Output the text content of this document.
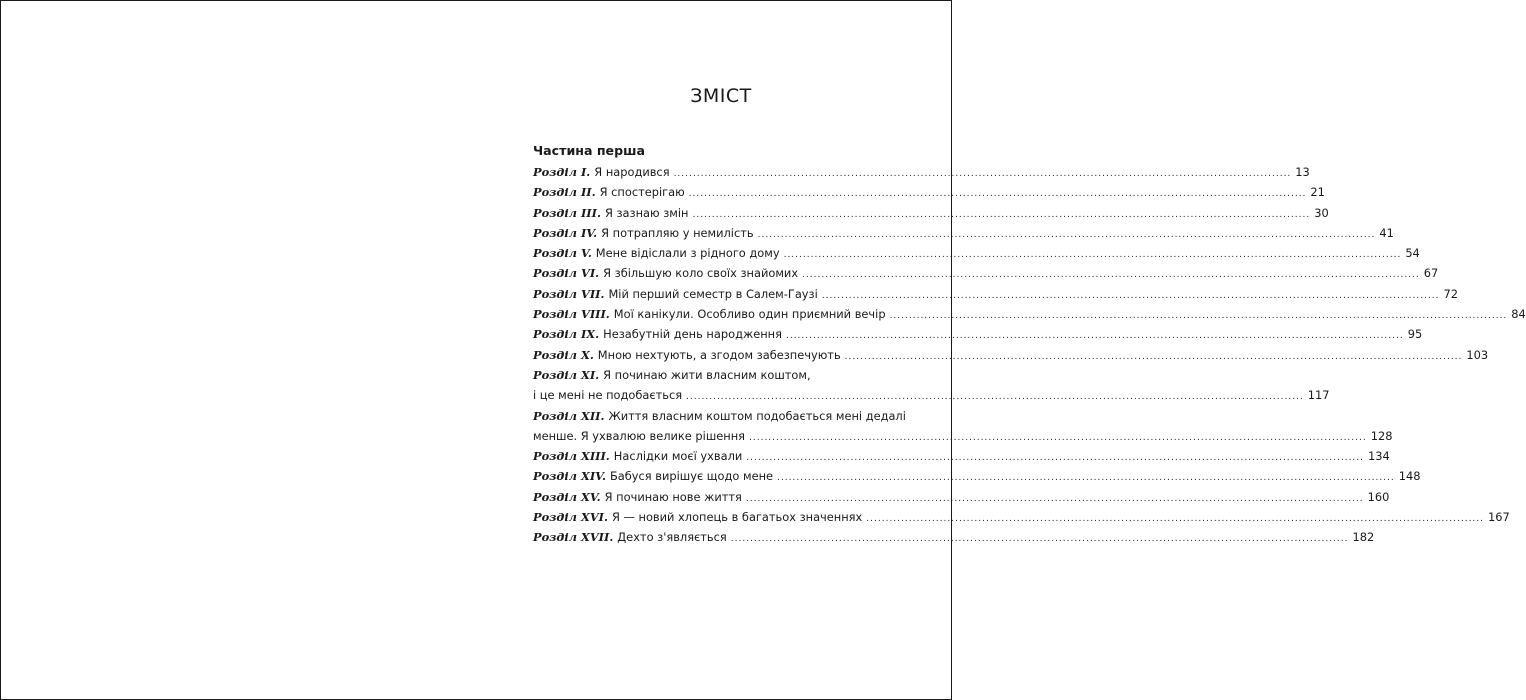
ЗМІСТ
Частина перша
Розділ I. Я народився .....	13
Розділ II. Я спостерігаю .....	21
Розділ III. Я зазнаю змін .....	30
Розділ IV. Я потрапляю у немилість .....	41
Розділ V. Мене відіслали з рідного дому .....	54
Розділ VI. Я збільшую коло своїх знайомих .....	67
Розділ VII. Мій перший семестр в Салем-Гаузі .....	72
Розділ VIII. Мої канікули. Особливо один приємний вечір .....	84
Розділ IX. Незабутній день народження .....	95
Розділ X. Мною нехтують, а згодом забезпечують .....	103
Розділ XI. Я починаю жити власним коштом,
і це мені не подобається .....	117
Розділ XII. Життя власним коштом подобається мені дедалі
менше. Я ухвалюю велике рішення .....	128
Розділ XIII. Наслідки моєї ухвали .....	134
Розділ XIV. Бабуся вирішує щодо мене .....	148
Розділ XV. Я починаю нове життя .....	160
Розділ XVI. Я — новий хлопець в багатьох значеннях .....	167
Розділ XVII. Дехто з'являється .....	182
